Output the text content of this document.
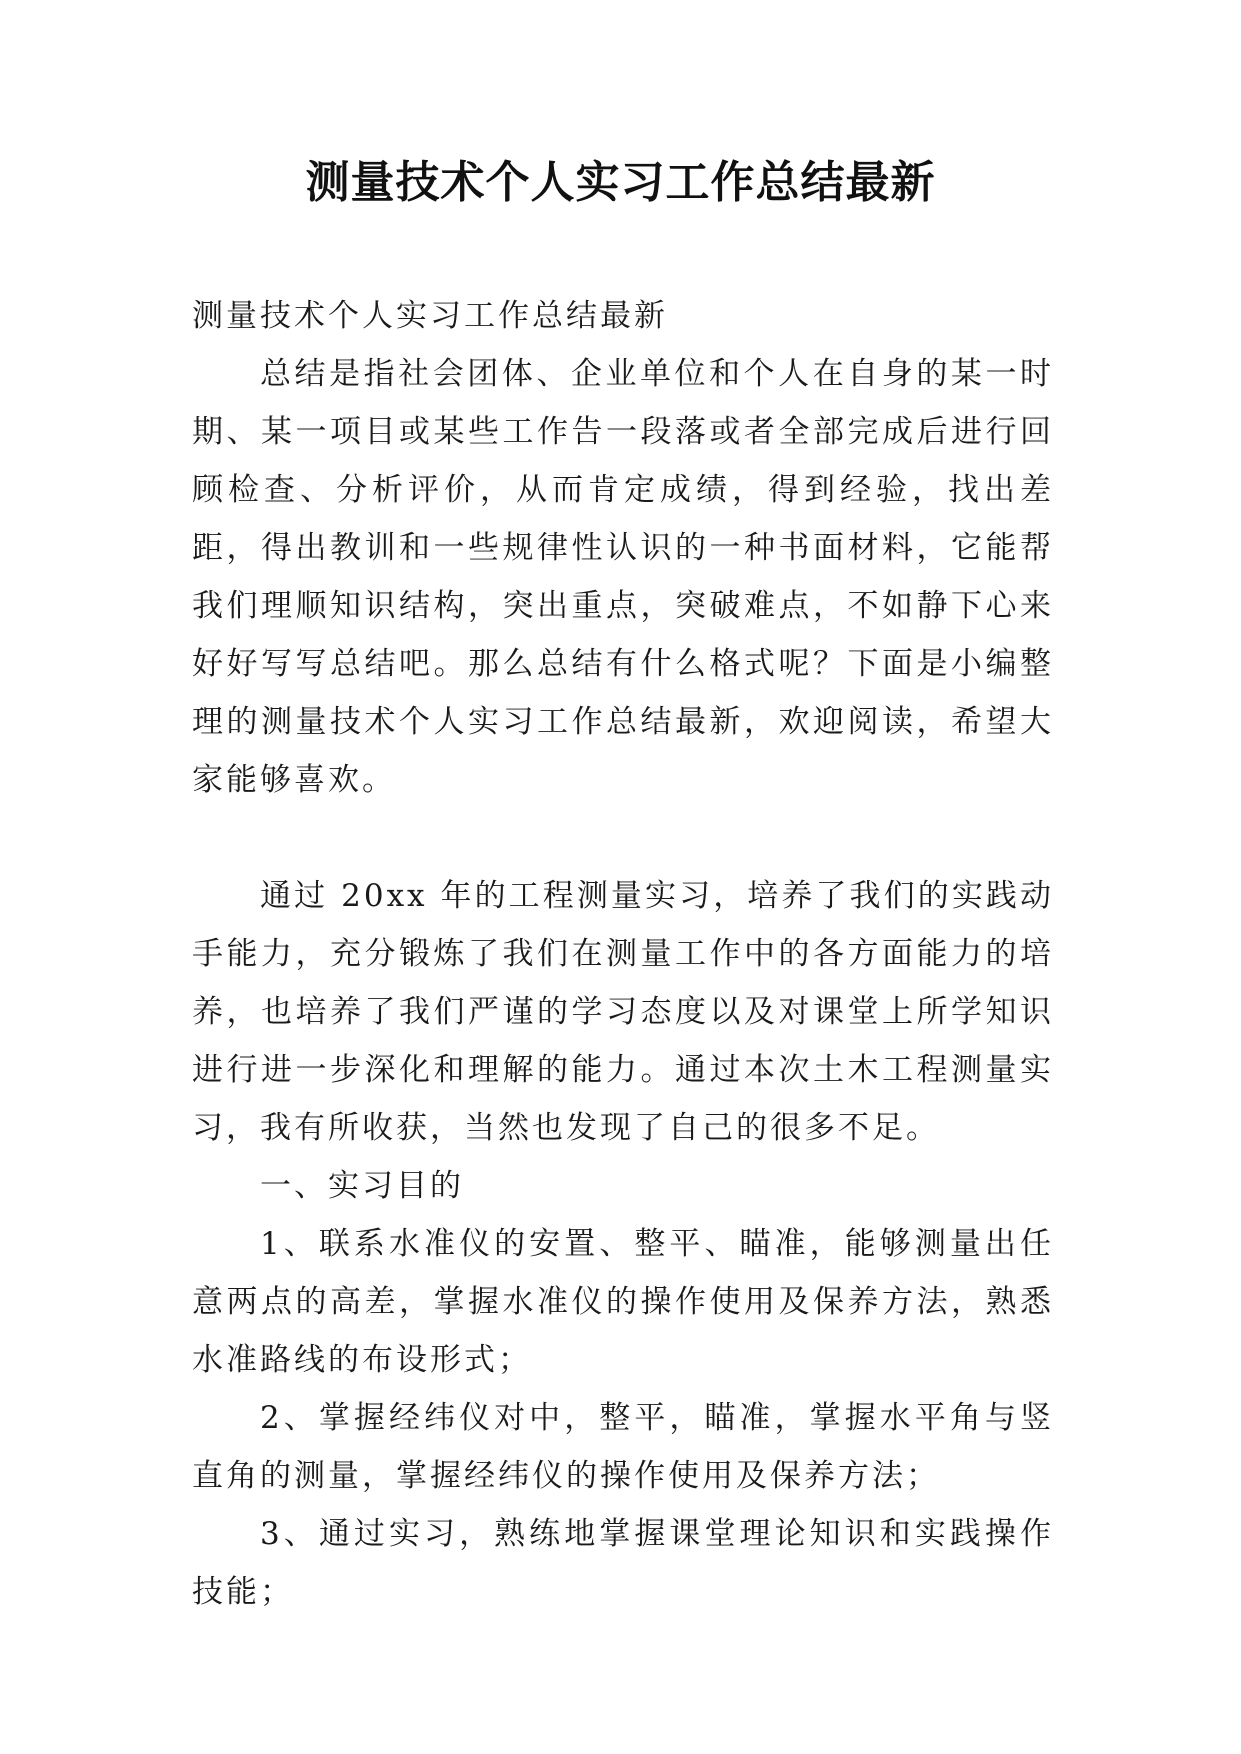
测量技术个人实习工作总结最新

测量技术个人实习工作总结最新

总结是指社会团体、企业单位和个人在自身的某一时期、某一项目或某些工作告一段落或者全部完成后进行回顾检查、分析评价，从而肯定成绩，得到经验，找出差距，得出教训和一些规律性认识的一种书面材料，它能帮我们理顺知识结构，突出重点，突破难点，不如静下心来好好写写总结吧。那么总结有什么格式呢？下面是小编整理的测量技术个人实习工作总结最新，欢迎阅读，希望大家能够喜欢。

通过 20xx 年的工程测量实习，培养了我们的实践动手能力，充分锻炼了我们在测量工作中的各方面能力的培养，也培养了我们严谨的学习态度以及对课堂上所学知识进行进一步深化和理解的能力。通过本次土木工程测量实习，我有所收获，当然也发现了自己的很多不足。

一、实习目的

1、联系水准仪的安置、整平、瞄准，能够测量出任意两点的高差，掌握水准仪的操作使用及保养方法，熟悉水准路线的布设形式；

2、掌握经纬仪对中，整平，瞄准，掌握水平角与竖直角的测量，掌握经纬仪的操作使用及保养方法；

3、通过实习，熟练地掌握课堂理论知识和实践操作技能；
